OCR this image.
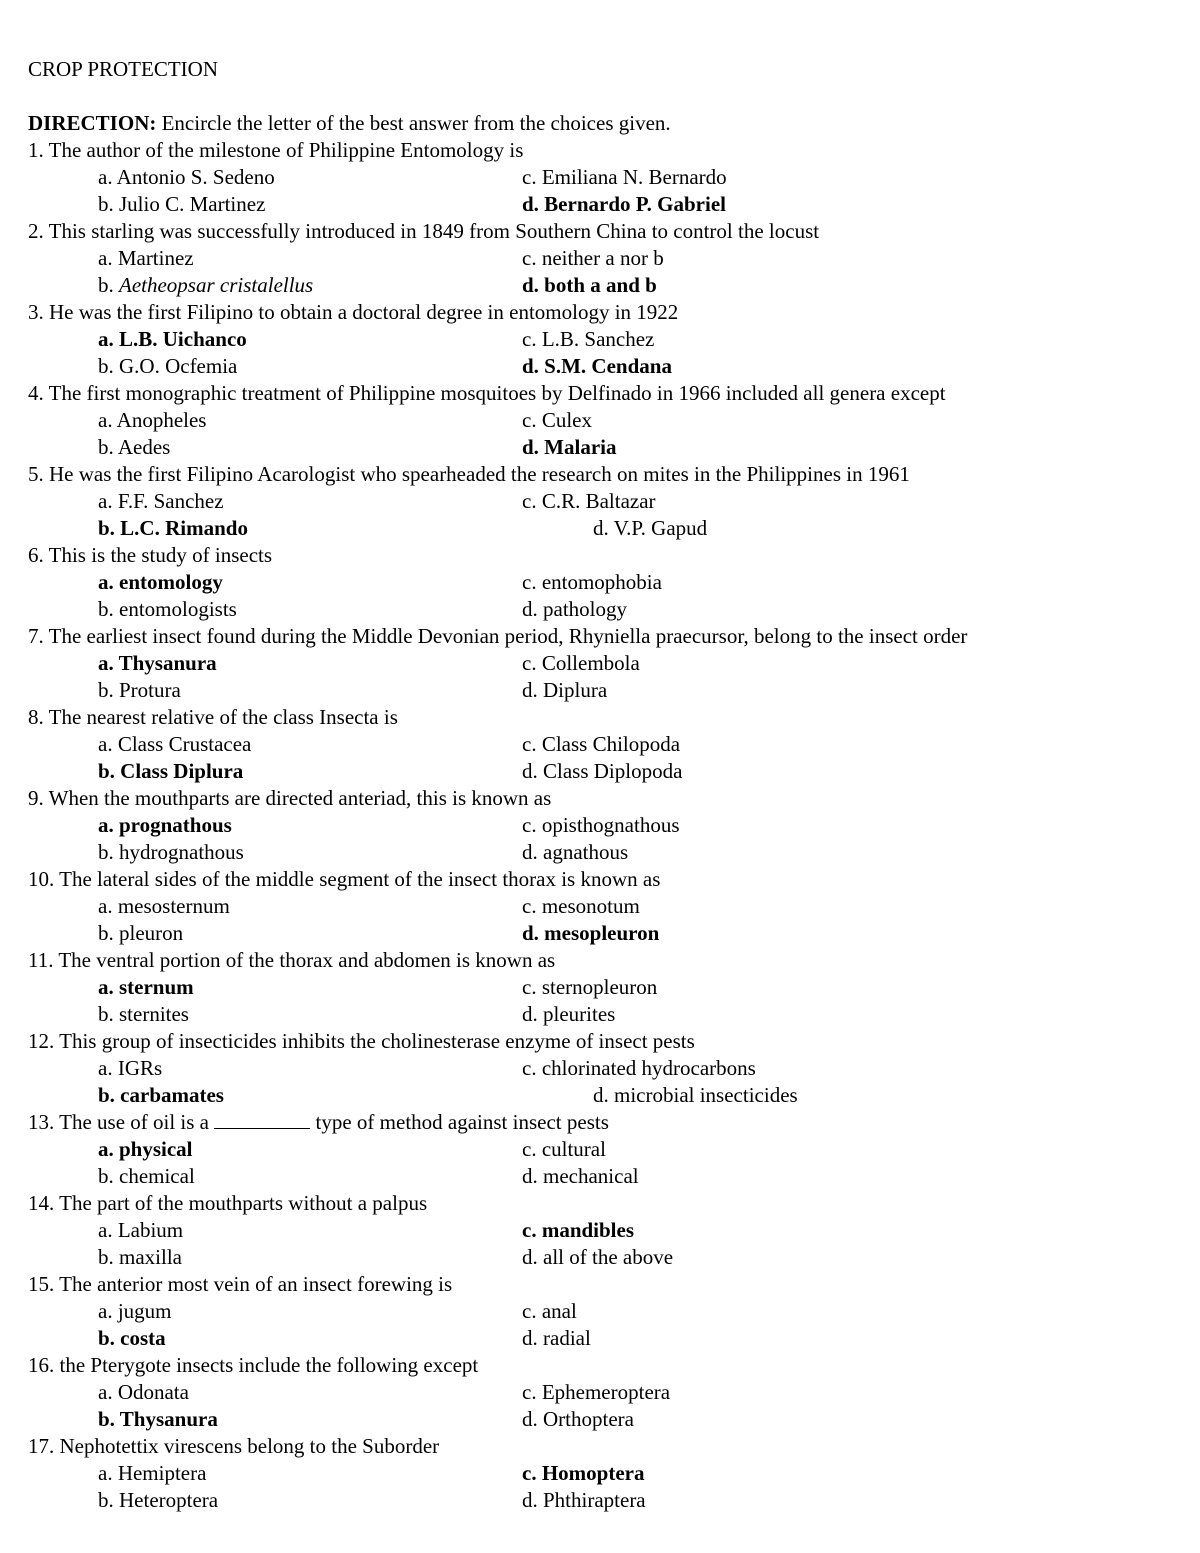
CROP PROTECTION
DIRECTION: Encircle the letter of the best answer from the choices given.
1. The author of the milestone of Philippine Entomology is
a. Antonio S. Sedeno	c. Emiliana N. Bernardo
b. Julio C. Martinez	d. Bernardo P. Gabriel
2. This starling was successfully introduced in 1849 from Southern China to control the locust
a. Martinez	c. neither a nor b
b. Aetheopsar cristalellus	d. both a and b
3. He was the first Filipino to obtain a doctoral degree in entomology in 1922
a. L.B. Uichanco	c. L.B. Sanchez
b. G.O. Ocfemia	d. S.M. Cendana
4. The first monographic treatment of Philippine mosquitoes by Delfinado in 1966 included all genera except
a. Anopheles	c. Culex
b. Aedes	d. Malaria
5. He was the first Filipino Acarologist who spearheaded the research on mites in the Philippines in 1961
a. F.F. Sanchez	c. C.R. Baltazar
b. L.C. Rimando	d. V.P. Gapud
6. This is the study of insects
a. entomology	c. entomophobia
b. entomologists	d. pathology
7. The earliest insect found during the Middle Devonian period, Rhyniella praecursor, belong to the insect order
a. Thysanura	c. Collembola
b. Protura	d. Diplura
8. The nearest relative of the class Insecta is
a. Class Crustacea	c. Class Chilopoda
b. Class Diplura	d. Class Diplopoda
9. When the mouthparts are directed anteriad, this is known as
a. prognathous	c. opisthognathous
b. hydrognathous	d. agnathous
10. The lateral sides of the middle segment of the insect thorax is known as
a. mesosternum	c. mesonotum
b. pleuron	d. mesopleuron
11. The ventral portion of the thorax and abdomen is known as
a. sternum	c. sternopleuron
b. sternites	d. pleurites
12. This group of insecticides inhibits the cholinesterase enzyme of insect pests
a. IGRs	c. chlorinated hydrocarbons
b. carbamates	d. microbial insecticides
13. The use of oil is a	type of method against insect pests
a. physical	c. cultural
b. chemical	d. mechanical
14. The part of the mouthparts without a palpus
a. Labium	c. mandibles
b. maxilla	d. all of the above
15. The anterior most vein of an insect forewing is
a. jugum	c. anal
b. costa	d. radial
16. the Pterygote insects include the following except
a. Odonata	c. Ephemeroptera
b. Thysanura	d. Orthoptera
17. Nephotettix virescens belong to the Suborder
a. Hemiptera	c. Homoptera
b. Heteroptera	d. Phthiraptera
